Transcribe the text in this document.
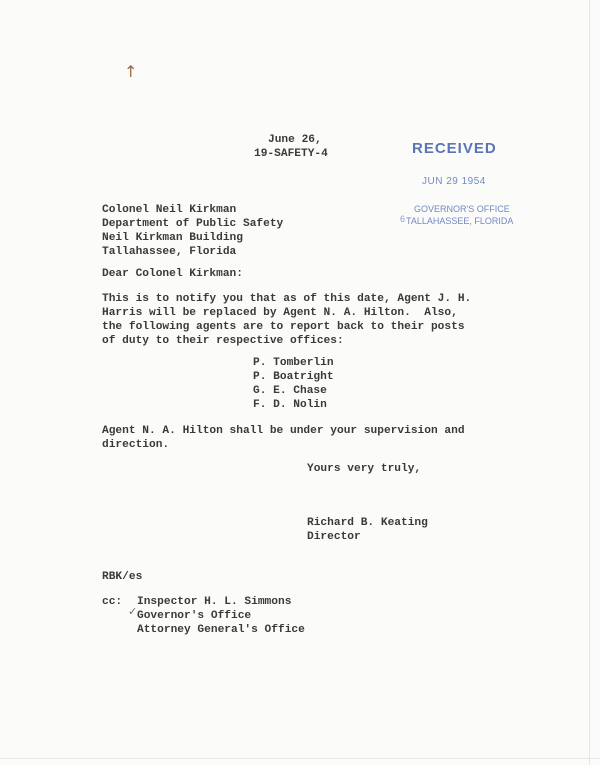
↑

June 26,

19-SAFETY-4	RECEIVED
JUN 29 1954
GOVERNOR'S OFFICE
6 TALLAHASSEE, FLORIDA

Colonel Neil Kirkman

Department of Public Safety

Neil Kirkman Building

Tallahassee, Florida

Dear Colonel Kirkman:

This is to notify you that as of this date, Agent J. H.

Harris will be replaced by Agent N. A. Hilton.  Also,

the following agents are to report back to their posts

of duty to their respective offices:

P. Tomberlin

P. Boatright

G. E. Chase

F. D. Nolin

Agent N. A. Hilton shall be under your supervision and

direction.

Yours very truly,

Richard B. Keating

Director

RBK/es

cc: Inspector H. L. Simmons

✓ Governor's Office

Attorney General's Office
